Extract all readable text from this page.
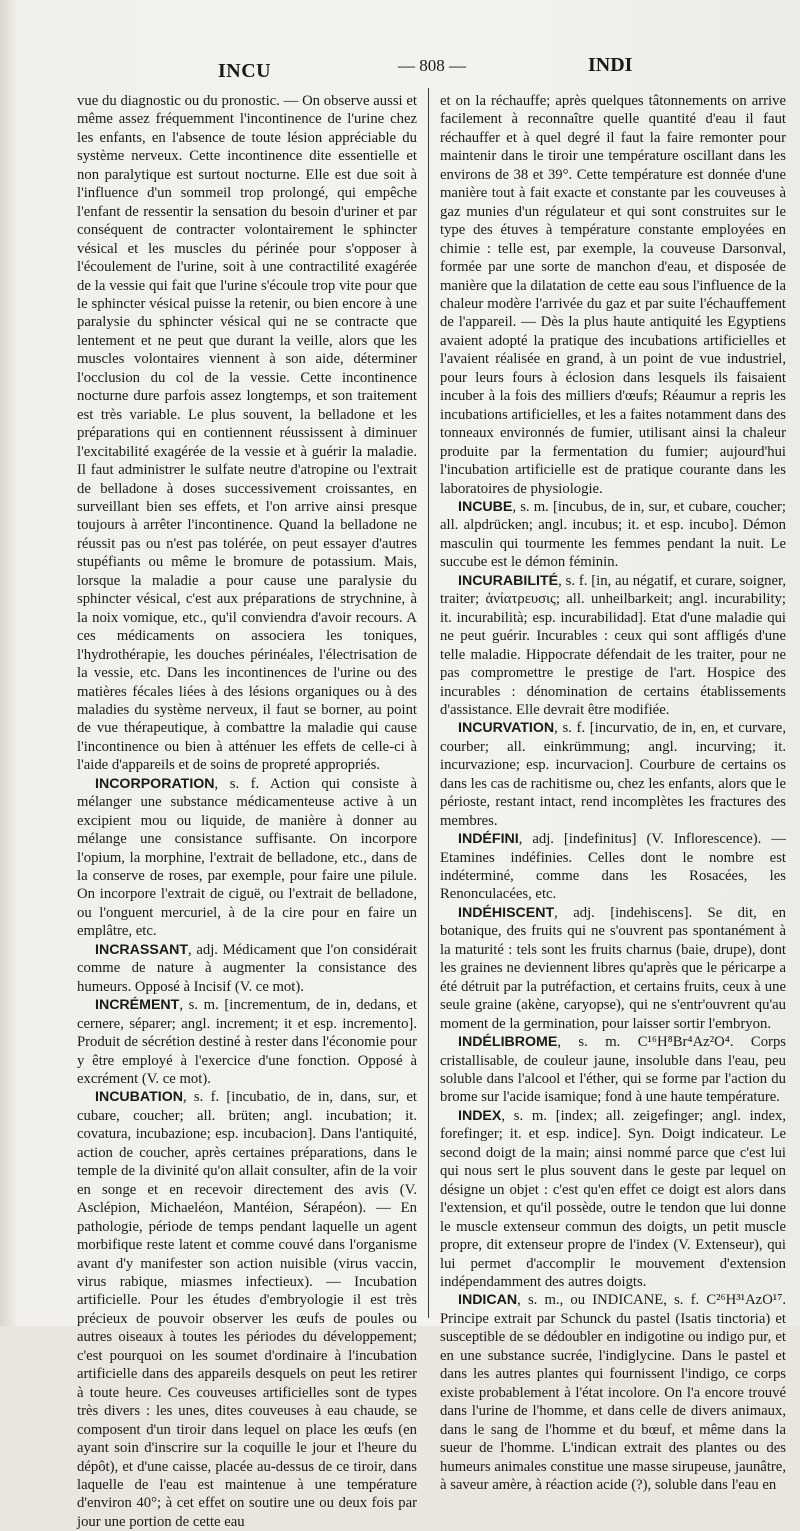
INCU	— 808 —	INDI

vue du diagnostic ou du pronostic. — On observe aussi et même assez fréquemment l'incontinence de l'urine chez les enfants, en l'absence de toute lésion appréciable du système nerveux. Cette incontinence dite essentielle et non paralytique est surtout nocturne. Elle est due soit à l'influence d'un sommeil trop prolongé, qui empêche l'enfant de ressentir la sensation du besoin d'uriner et par conséquent de contracter volontairement le sphincter vésical et les muscles du périnée pour s'opposer à l'écoulement de l'urine, soit à une contractilité exagérée de la vessie qui fait que l'urine s'écoule trop vite pour que le sphincter vésical puisse la retenir, ou bien encore à une paralysie du sphincter vésical qui ne se contracte que lentement et ne peut que durant la veille, alors que les muscles volontaires viennent à son aide, déterminer l'occlusion du col de la vessie. Cette incontinence nocturne dure parfois assez longtemps, et son traitement est très variable. Le plus souvent, la belladone et les préparations qui en contiennent réussissent à diminuer l'excitabilité exagérée de la vessie et à guérir la maladie. Il faut administrer le sulfate neutre d'atropine ou l'extrait de belladone à doses successivement croissantes, en surveillant bien ses effets, et l'on arrive ainsi presque toujours à arrêter l'incontinence. Quand la belladone ne réussit pas ou n'est pas tolérée, on peut essayer d'autres stupéfiants ou même le bromure de potassium. Mais, lorsque la maladie a pour cause une paralysie du sphincter vésical, c'est aux préparations de strychnine, à la noix vomique, etc., qu'il conviendra d'avoir recours. A ces médicaments on associera les toniques, l'hydrothérapie, les douches périnéales, l'électrisation de la vessie, etc. Dans les incontinences de l'urine ou des matières fécales liées à des lésions organiques ou à des maladies du système nerveux, il faut se borner, au point de vue thérapeutique, à combattre la maladie qui cause l'incontinence ou bien à atténuer les effets de celle-ci à l'aide d'appareils et de soins de propreté appropriés.

INCORPORATION, s. f. Action qui consiste à mélanger une substance médicamenteuse active à un excipient mou ou liquide, de manière à donner au mélange une consistance suffisante. On incorpore l'opium, la morphine, l'extrait de belladone, etc., dans de la conserve de roses, par exemple, pour faire une pilule. On incorpore l'extrait de ciguë, ou l'extrait de belladone, ou l'onguent mercuriel, à de la cire pour en faire un emplâtre, etc.

INCRASSANT, adj. Médicament que l'on considérait comme de nature à augmenter la consistance des humeurs. Opposé à Incisif (V. ce mot).

INCRÉMENT, s. m. [incrementum, de in, dedans, et cernere, séparer; angl. increment; it et esp. incremento]. Produit de sécrétion destiné à rester dans l'économie pour y être employé à l'exercice d'une fonction. Opposé à excrément (V. ce mot).

INCUBATION, s. f. [incubatio, de in, dans, sur, et cubare, coucher; all. brüten; angl. incubation; it. covatura, incubazione; esp. incubacion]. Dans l'antiquité, action de coucher, après certaines préparations, dans le temple de la divinité qu'on allait consulter, afin de la voir en songe et en recevoir directement des avis (V. Asclépion, Michaeléon, Mantéion, Sérapéon). — En pathologie, période de temps pendant laquelle un agent morbifique reste latent et comme couvé dans l'organisme avant d'y manifester son action nuisible (virus vaccin, virus rabique, miasmes infectieux). — Incubation artificielle. Pour les études d'embryologie il est très précieux de pouvoir observer les œufs de poules ou autres oiseaux à toutes les périodes du développement; c'est pourquoi on les soumet d'ordinaire à l'incubation artificielle dans des appareils desquels on peut les retirer à toute heure. Ces couveuses artificielles sont de types très divers : les unes, dites couveuses à eau chaude, se composent d'un tiroir dans lequel on place les œufs (en ayant soin d'inscrire sur la coquille le jour et l'heure du dépôt), et d'une caisse, placée au-dessus de ce tiroir, dans laquelle de l'eau est maintenue à une température d'environ 40°; à cet effet on soutire une ou deux fois par jour une portion de cette eau

et on la réchauffe; après quelques tâtonnements on arrive facilement à reconnaître quelle quantité d'eau il faut réchauffer et à quel degré il faut la faire remonter pour maintenir dans le tiroir une température oscillant dans les environs de 38 et 39°. Cette température est donnée d'une manière tout à fait exacte et constante par les couveuses à gaz munies d'un régulateur et qui sont construites sur le type des étuves à température constante employées en chimie : telle est, par exemple, la couveuse Darsonval, formée par une sorte de manchon d'eau, et disposée de manière que la dilatation de cette eau sous l'influence de la chaleur modère l'arrivée du gaz et par suite l'échauffement de l'appareil. — Dès la plus haute antiquité les Egyptiens avaient adopté la pratique des incubations artificielles et l'avaient réalisée en grand, à un point de vue industriel, pour leurs fours à éclosion dans lesquels ils faisaient incuber à la fois des milliers d'œufs; Réaumur a repris les incubations artificielles, et les a faites notamment dans des tonneaux environnés de fumier, utilisant ainsi la chaleur produite par la fermentation du fumier; aujourd'hui l'incubation artificielle est de pratique courante dans les laboratoires de physiologie.

INCUBE, s. m. [incubus, de in, sur, et cubare, coucher; all. alpdrücken; angl. incubus; it. et esp. incubo]. Démon masculin qui tourmente les femmes pendant la nuit. Le succube est le démon féminin.

INCURABILITÉ, s. f. [in, au négatif, et curare, soigner, traiter; ἀνίατρευσις; all. unheilbarkeit; angl. incurability; it. incurabilità; esp. incurabilidad]. Etat d'une maladie qui ne peut guérir. Incurables : ceux qui sont affligés d'une telle maladie. Hippocrate défendait de les traiter, pour ne pas compromettre le prestige de l'art. Hospice des incurables : dénomination de certains établissements d'assistance. Elle devrait être modifiée.

INCURVATION, s. f. [incurvatio, de in, en, et curvare, courber; all. einkrümmung; angl. incurving; it. incurvazione; esp. incurvacion]. Courbure de certains os dans les cas de rachitisme ou, chez les enfants, alors que le périoste, restant intact, rend incomplètes les fractures des membres.

INDÉFINI, adj. [indefinitus] (V. Inflorescence). — Etamines indéfinies. Celles dont le nombre est indéterminé, comme dans les Rosacées, les Renonculacées, etc.

INDÉHISCENT, adj. [indehiscens]. Se dit, en botanique, des fruits qui ne s'ouvrent pas spontanément à la maturité : tels sont les fruits charnus (baie, drupe), dont les graines ne deviennent libres qu'après que le péricarpe a été détruit par la putréfaction, et certains fruits, ceux à une seule graine (akène, caryopse), qui ne s'entr'ouvrent qu'au moment de la germination, pour laisser sortir l'embryon.

INDÉLIBROME, s. m. C¹⁶H⁸Br⁴Az²O⁴. Corps cristallisable, de couleur jaune, insoluble dans l'eau, peu soluble dans l'alcool et l'éther, qui se forme par l'action du brome sur l'acide isamique; fond à une haute température.

INDEX, s. m. [index; all. zeigefinger; angl. index, forefinger; it. et esp. indice]. Syn. Doigt indicateur. Le second doigt de la main; ainsi nommé parce que c'est lui qui nous sert le plus souvent dans le geste par lequel on désigne un objet : c'est qu'en effet ce doigt est alors dans l'extension, et qu'il possède, outre le tendon que lui donne le muscle extenseur commun des doigts, un petit muscle propre, dit extenseur propre de l'index (V. Extenseur), qui lui permet d'accomplir le mouvement d'extension indépendamment des autres doigts.

INDICAN, s. m., ou INDICANE, s. f. C²⁶H³¹AzO¹⁷. Principe extrait par Schunck du pastel (Isatis tinctoria) et susceptible de se dédoubler en indigotine ou indigo pur, et en une substance sucrée, l'indiglycine. Dans le pastel et dans les autres plantes qui fournissent l'indigo, ce corps existe probablement à l'état incolore. On l'a encore trouvé dans l'urine de l'homme, et dans celle de divers animaux, dans le sang de l'homme et du bœuf, et même dans la sueur de l'homme. L'indican extrait des plantes ou des humeurs animales constitue une masse sirupeuse, jaunâtre, à saveur amère, à réaction acide (?), soluble dans l'eau en
